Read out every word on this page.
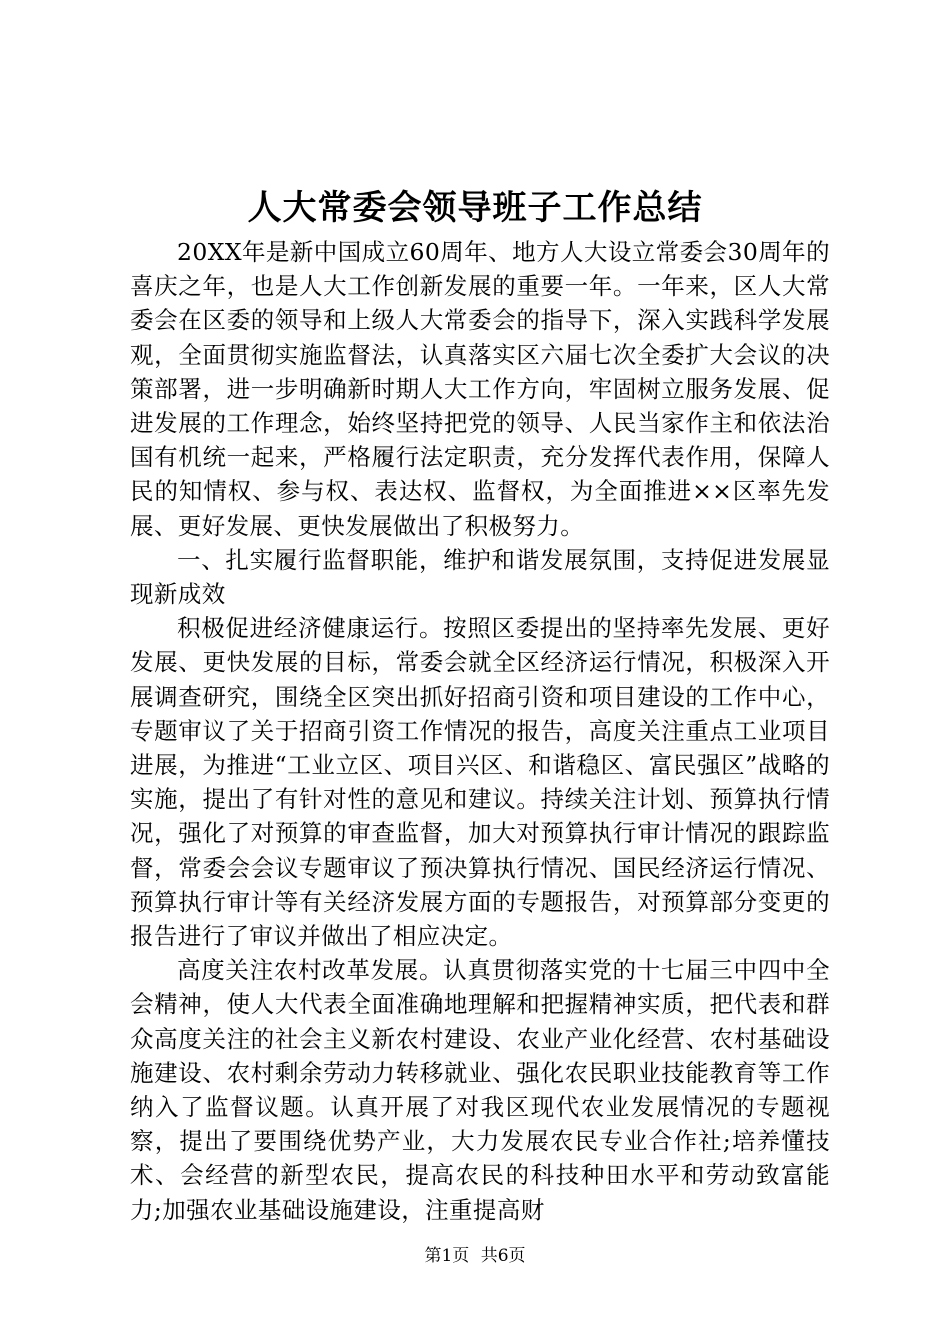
人大常委会领导班子工作总结

20XX年是新中国成立60周年、地方人大设立常委会30周年的喜庆之年，也是人大工作创新发展的重要一年。一年来，区人大常委会在区委的领导和上级人大常委会的指导下，深入实践科学发展观，全面贯彻实施监督法，认真落实区六届七次全委扩大会议的决策部署，进一步明确新时期人大工作方向，牢固树立服务发展、促进发展的工作理念，始终坚持把党的领导、人民当家作主和依法治国有机统一起来，严格履行法定职责，充分发挥代表作用，保障人民的知情权、参与权、表达权、监督权，为全面推进××区率先发展、更好发展、更快发展做出了积极努力。

一、扎实履行监督职能，维护和谐发展氛围，支持促进发展显现新成效

积极促进经济健康运行。按照区委提出的坚持率先发展、更好发展、更快发展的目标，常委会就全区经济运行情况，积极深入开展调查研究，围绕全区突出抓好招商引资和项目建设的工作中心，专题审议了关于招商引资工作情况的报告，高度关注重点工业项目进展，为推进“工业立区、项目兴区、和谐稳区、富民强区”战略的实施，提出了有针对性的意见和建议。持续关注计划、预算执行情况，强化了对预算的审查监督，加大对预算执行审计情况的跟踪监督，常委会会议专题审议了预决算执行情况、国民经济运行情况、预算执行审计等有关经济发展方面的专题报告，对预算部分变更的报告进行了审议并做出了相应决定。

高度关注农村改革发展。认真贯彻落实党的十七届三中四中全会精神，使人大代表全面准确地理解和把握精神实质，把代表和群众高度关注的社会主义新农村建设、农业产业化经营、农村基础设施建设、农村剩余劳动力转移就业、强化农民职业技能教育等工作纳入了监督议题。认真开展了对我区现代农业发展情况的专题视察，提出了要围绕优势产业，大力发展农民专业合作社;培养懂技术、会经营的新型农民，提高农民的科技种田水平和劳动致富能力;加强农业基础设施建设，注重提高财

第1页 共6页
